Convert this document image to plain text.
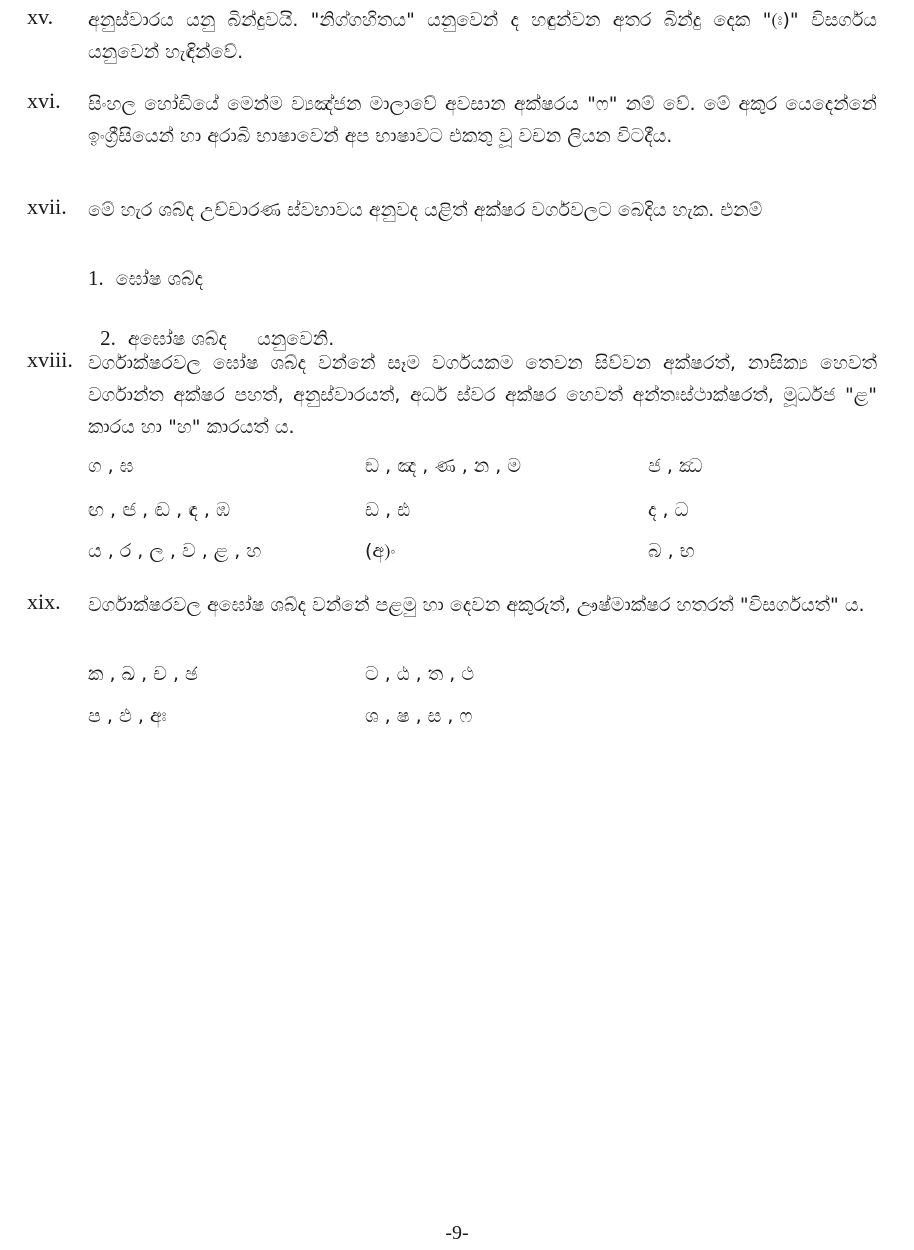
xv. අනුස්වාරය යනු බින්දුවයි. "නිග්ගහිතය" යනුවෙන් ද හඳුන්වන අතර බින්දු දෙක "(ඃ)" විසර්ගය යනුවෙන් හැඳින්වේ.
xvi. සිංහල හෝඩියේ මෙන්ම ව්‍යඤ්ජන මාලාවේ අවසාන අක්ෂරය "ෆ" නම් වේ. මේ අකුර යෙදෙන්නේ ඉංග්‍රීසියෙන් හා අරාබි භාෂාවෙන් අප භාෂාවට එකතු වූ වචන ලියන විටදීය.
xvii. මේ හැර ශබ්ද උච්චාරණ ස්වභාවය අනුවද යළිත් අක්ෂර වර්ගවලට බෙදිය හැක. එනම්
1. ඝෝෂ ශබ්ද

2. අඝෝෂ ශබ්ද     යනුවෙනි.

xviii. වර්ගාක්ෂරවල ඝෝෂ ශබ්ද වන්නේ සෑම වර්ගයකම තෙවන සිව්වන අක්ෂරත්, නාසික්‍ය හෙවත් වර්ගාන්ත අක්ෂර පහත්, අනුස්වාරයත්, අර්ධ ස්වර අක්ෂර හෙවත් අන්තඃස්ථාක්ෂරත්, මූර්ධජ "ළ" කාරය හා "හ" කාරයත් ය.
ග , ඝ	ඞ , ඤ , ණ , න , ම	ජ , ඣ
ඟ , ඦ , ඬ , ඳ , ඹ	ඩ , ඪ	ද , ධ
ය , ර , ල , ව , ළ , හ	(අ)ං	බ , භ
xix. වර්ගාක්ෂරවල අඝෝෂ ශබ්ද වන්නේ පළමු හා දෙවන අකුරුත්, ඌෂ්මාක්ෂර හතරත් "විසර්ගයත්" ය.
ක , ඛ , ච , ඡ	ට , ඨ , ත , ථ
ප , ඵ , අඃ	ශ , ෂ , ස , ෆ
-9-
